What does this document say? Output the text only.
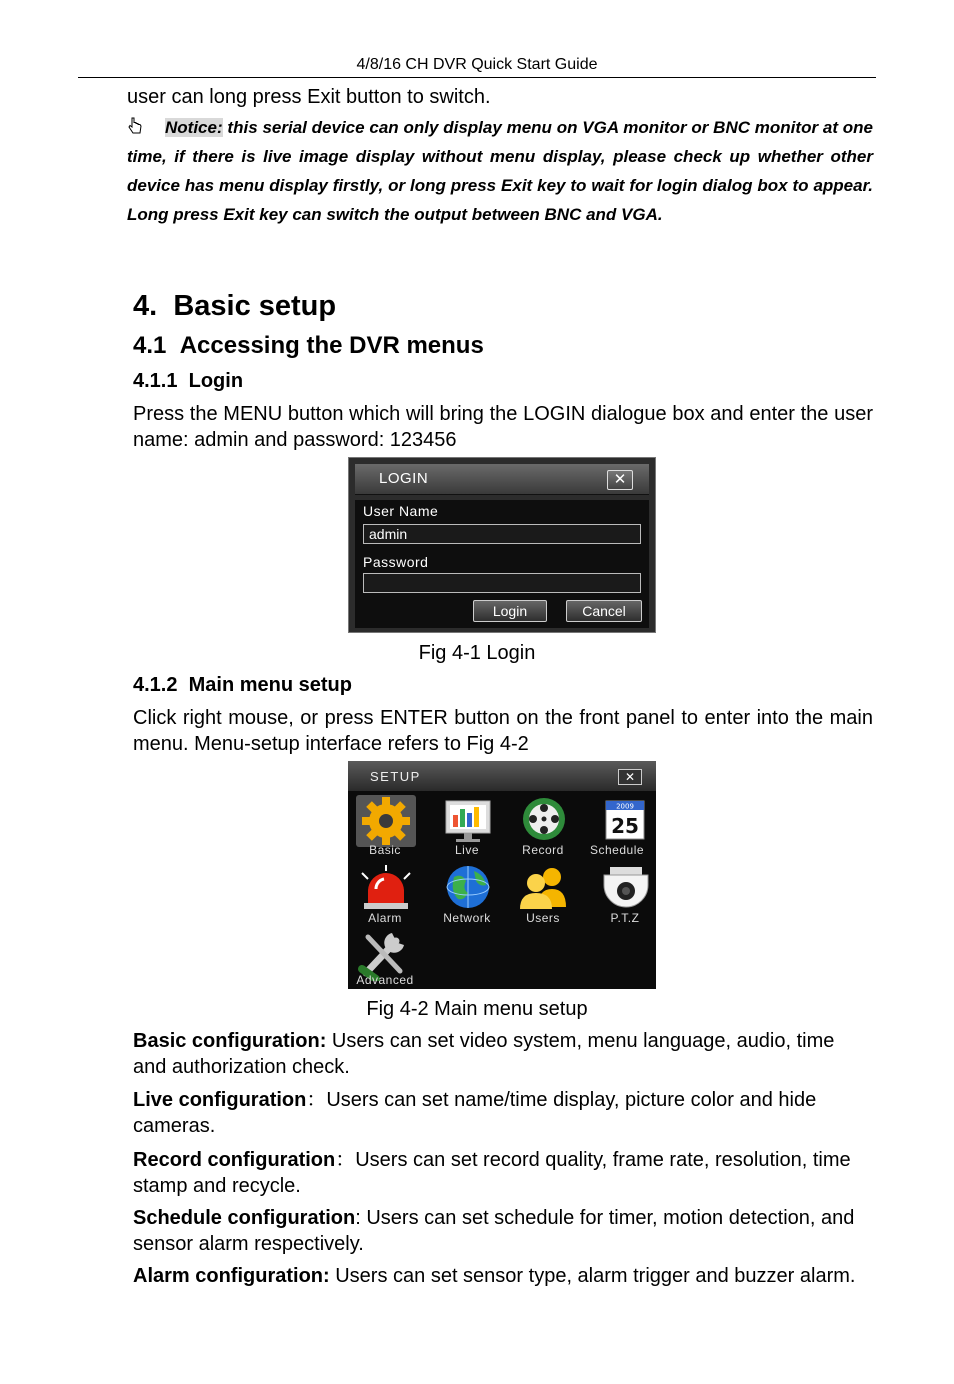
4/8/16 CH DVR Quick Start Guide
user can long press Exit button to switch.
Notice: this serial device can only display menu on VGA monitor or BNC monitor at one time, if there is live image display without menu display, please check up whether other device has menu display firstly, or long press Exit key to wait for login dialog box to appear. Long press Exit key can switch the output between BNC and VGA.
4. Basic setup
4.1 Accessing the DVR menus
4.1.1 Login
Press the MENU button which will bring the LOGIN dialogue box and enter the user name: admin and password: 123456
LOGIN	✕
User Name
admin
Password
Login	Cancel
Fig 4-1 Login
4.1.2 Main menu setup
Click right mouse, or press ENTER button on the front panel to enter into the main menu. Menu-setup interface refers to Fig 4-2
SETUP	✕
Basic	Live	Record
2009
25
Schedule
Alarm	Network	Users	P.T.Z
Advanced
Fig 4-2 Main menu setup
Basic configuration: Users can set video system, menu language, audio, time and authorization check.
Live configuration：Users can set name/time display, picture color and hide cameras.
Record configuration：Users can set record quality, frame rate, resolution, time stamp and recycle.
Schedule configuration: Users can set schedule for timer, motion detection, and sensor alarm respectively.
Alarm configuration: Users can set sensor type, alarm trigger and buzzer alarm.
